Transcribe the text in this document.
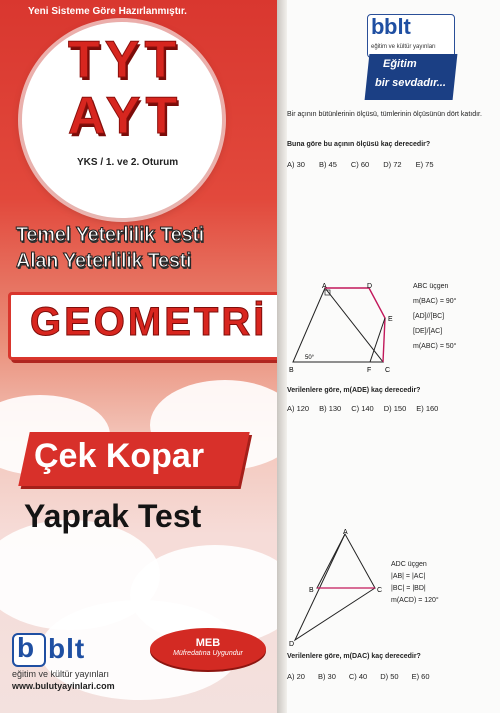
Yeni Sisteme Göre Hazırlanmıştır.
TYT
AYT
YKS / 1. ve 2. Oturum
Temel Yeterlilik Testi
Alan Yeterlilik Testi
GEOMETRİ
Çek Kopar
Yaprak Test
b blt
eğitim ve kültür yayınları
www.bulutyayinlari.com
MEB
Müfredatına Uygundur
b blt
eğitim ve kültür yayınları
Eğitim
bir sevdadır...
Bir açının bütünlerinin ölçüsü, tümlerinin ölçüsünün dört katıdır.
Buna göre bu açının ölçüsü kaç derecedir?
A) 30 B) 45 C) 60 D) 72 E) 75
A	D
E
B	F C
50°
ABC üçgen
m(BAC) = 90°
[AD]//[BC]
[DE]/[AC]
m(ABC) = 50°
Verilenlere göre, m(ADE) kaç derecedir?
A) 120 B) 130 C) 140 D) 150 E) 160
A
B	C
D
ADC üçgen
|AB| = |AC|
|BC| = |BD|
m(ACD) = 120°
Verilenlere göre, m(DAC) kaç derecedir?
A) 20 B) 30 C) 40 D) 50 E) 60
